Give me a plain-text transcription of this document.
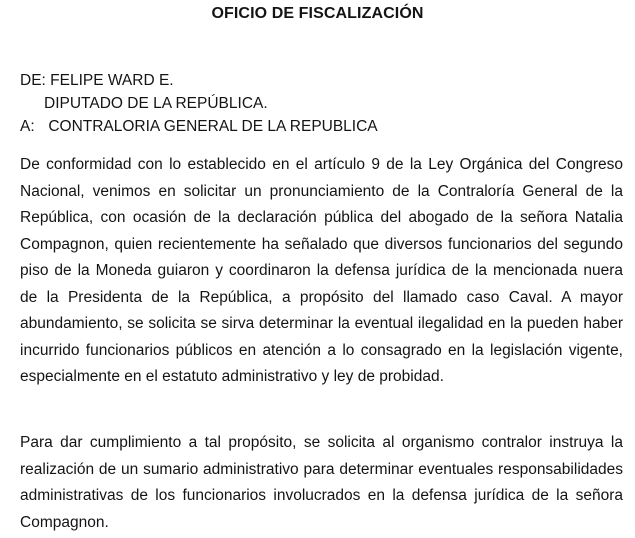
OFICIO DE FISCALIZACIÓN
DE: FELIPE WARD E.
DIPUTADO DE LA REPÚBLICA.
A: CONTRALORIA GENERAL DE LA REPUBLICA

De conformidad con lo establecido en el artículo 9 de la Ley Orgánica del Congreso Nacional, venimos en solicitar un pronunciamiento de la Contraloría General de la República, con ocasión de la declaración pública del abogado de la señora Natalia Compagnon, quien recientemente ha señalado que diversos funcionarios del segundo piso de la Moneda guiaron y coordinaron la defensa jurídica de la mencionada nuera de la Presidenta de la República, a propósito del llamado caso Caval. A mayor abundamiento, se solicita se sirva determinar la eventual ilegalidad en la pueden haber incurrido funcionarios públicos en atención a lo consagrado en la legislación vigente, especialmente en el estatuto administrativo y ley de probidad.

Para dar cumplimiento a tal propósito, se solicita al organismo contralor instruya la realización de un sumario administrativo para determinar eventuales responsabilidades administrativas de los funcionarios involucrados en la defensa jurídica de la señora Compagnon.
